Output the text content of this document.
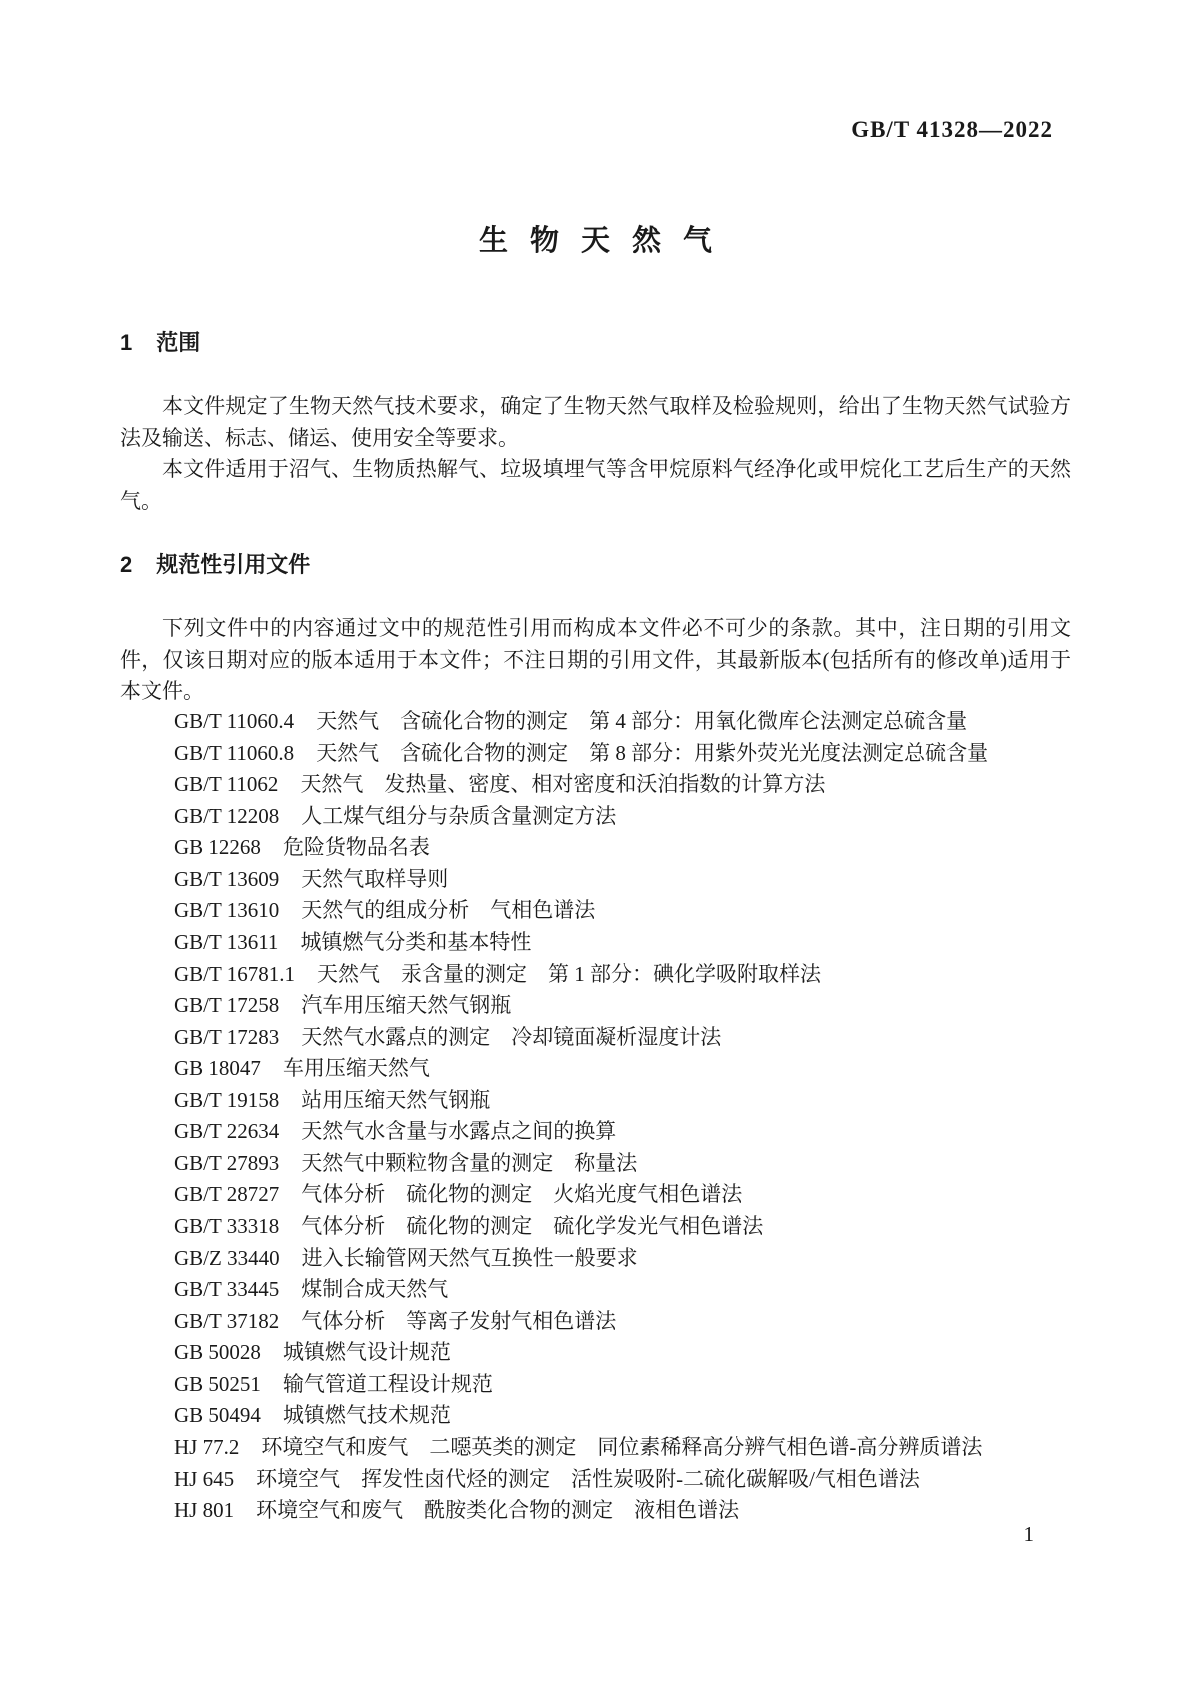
GB/T 41328—2022
生物天然气
1 范围

本文件规定了生物天然气技术要求，确定了生物天然气取样及检验规则，给出了生物天然气试验方法及输送、标志、储运、使用安全等要求。

本文件适用于沼气、生物质热解气、垃圾填埋气等含甲烷原料气经净化或甲烷化工艺后生产的天然气。

2 规范性引用文件

下列文件中的内容通过文中的规范性引用而构成本文件必不可少的条款。其中，注日期的引用文件，仅该日期对应的版本适用于本文件；不注日期的引用文件，其最新版本(包括所有的修改单)适用于本文件。

GB/T 11060.4 天然气　含硫化合物的测定　第 4 部分：用氧化微库仑法测定总硫含量
GB/T 11060.8 天然气　含硫化合物的测定　第 8 部分：用紫外荧光光度法测定总硫含量
GB/T 11062 天然气　发热量、密度、相对密度和沃泊指数的计算方法
GB/T 12208 人工煤气组分与杂质含量测定方法
GB 12268 危险货物品名表
GB/T 13609 天然气取样导则
GB/T 13610 天然气的组成分析　气相色谱法
GB/T 13611 城镇燃气分类和基本特性
GB/T 16781.1 天然气　汞含量的测定　第 1 部分：碘化学吸附取样法
GB/T 17258 汽车用压缩天然气钢瓶
GB/T 17283 天然气水露点的测定　冷却镜面凝析湿度计法
GB 18047 车用压缩天然气
GB/T 19158 站用压缩天然气钢瓶
GB/T 22634 天然气水含量与水露点之间的换算
GB/T 27893 天然气中颗粒物含量的测定　称量法
GB/T 28727 气体分析　硫化物的测定　火焰光度气相色谱法
GB/T 33318 气体分析　硫化物的测定　硫化学发光气相色谱法
GB/Z 33440 进入长输管网天然气互换性一般要求
GB/T 33445 煤制合成天然气
GB/T 37182 气体分析　等离子发射气相色谱法
GB 50028 城镇燃气设计规范
GB 50251 输气管道工程设计规范
GB 50494 城镇燃气技术规范
HJ 77.2 环境空气和废气　二噁英类的测定　同位素稀释高分辨气相色谱-高分辨质谱法
HJ 645 环境空气　挥发性卤代烃的测定　活性炭吸附-二硫化碳解吸/气相色谱法
HJ 801 环境空气和废气　酰胺类化合物的测定　液相色谱法
1
